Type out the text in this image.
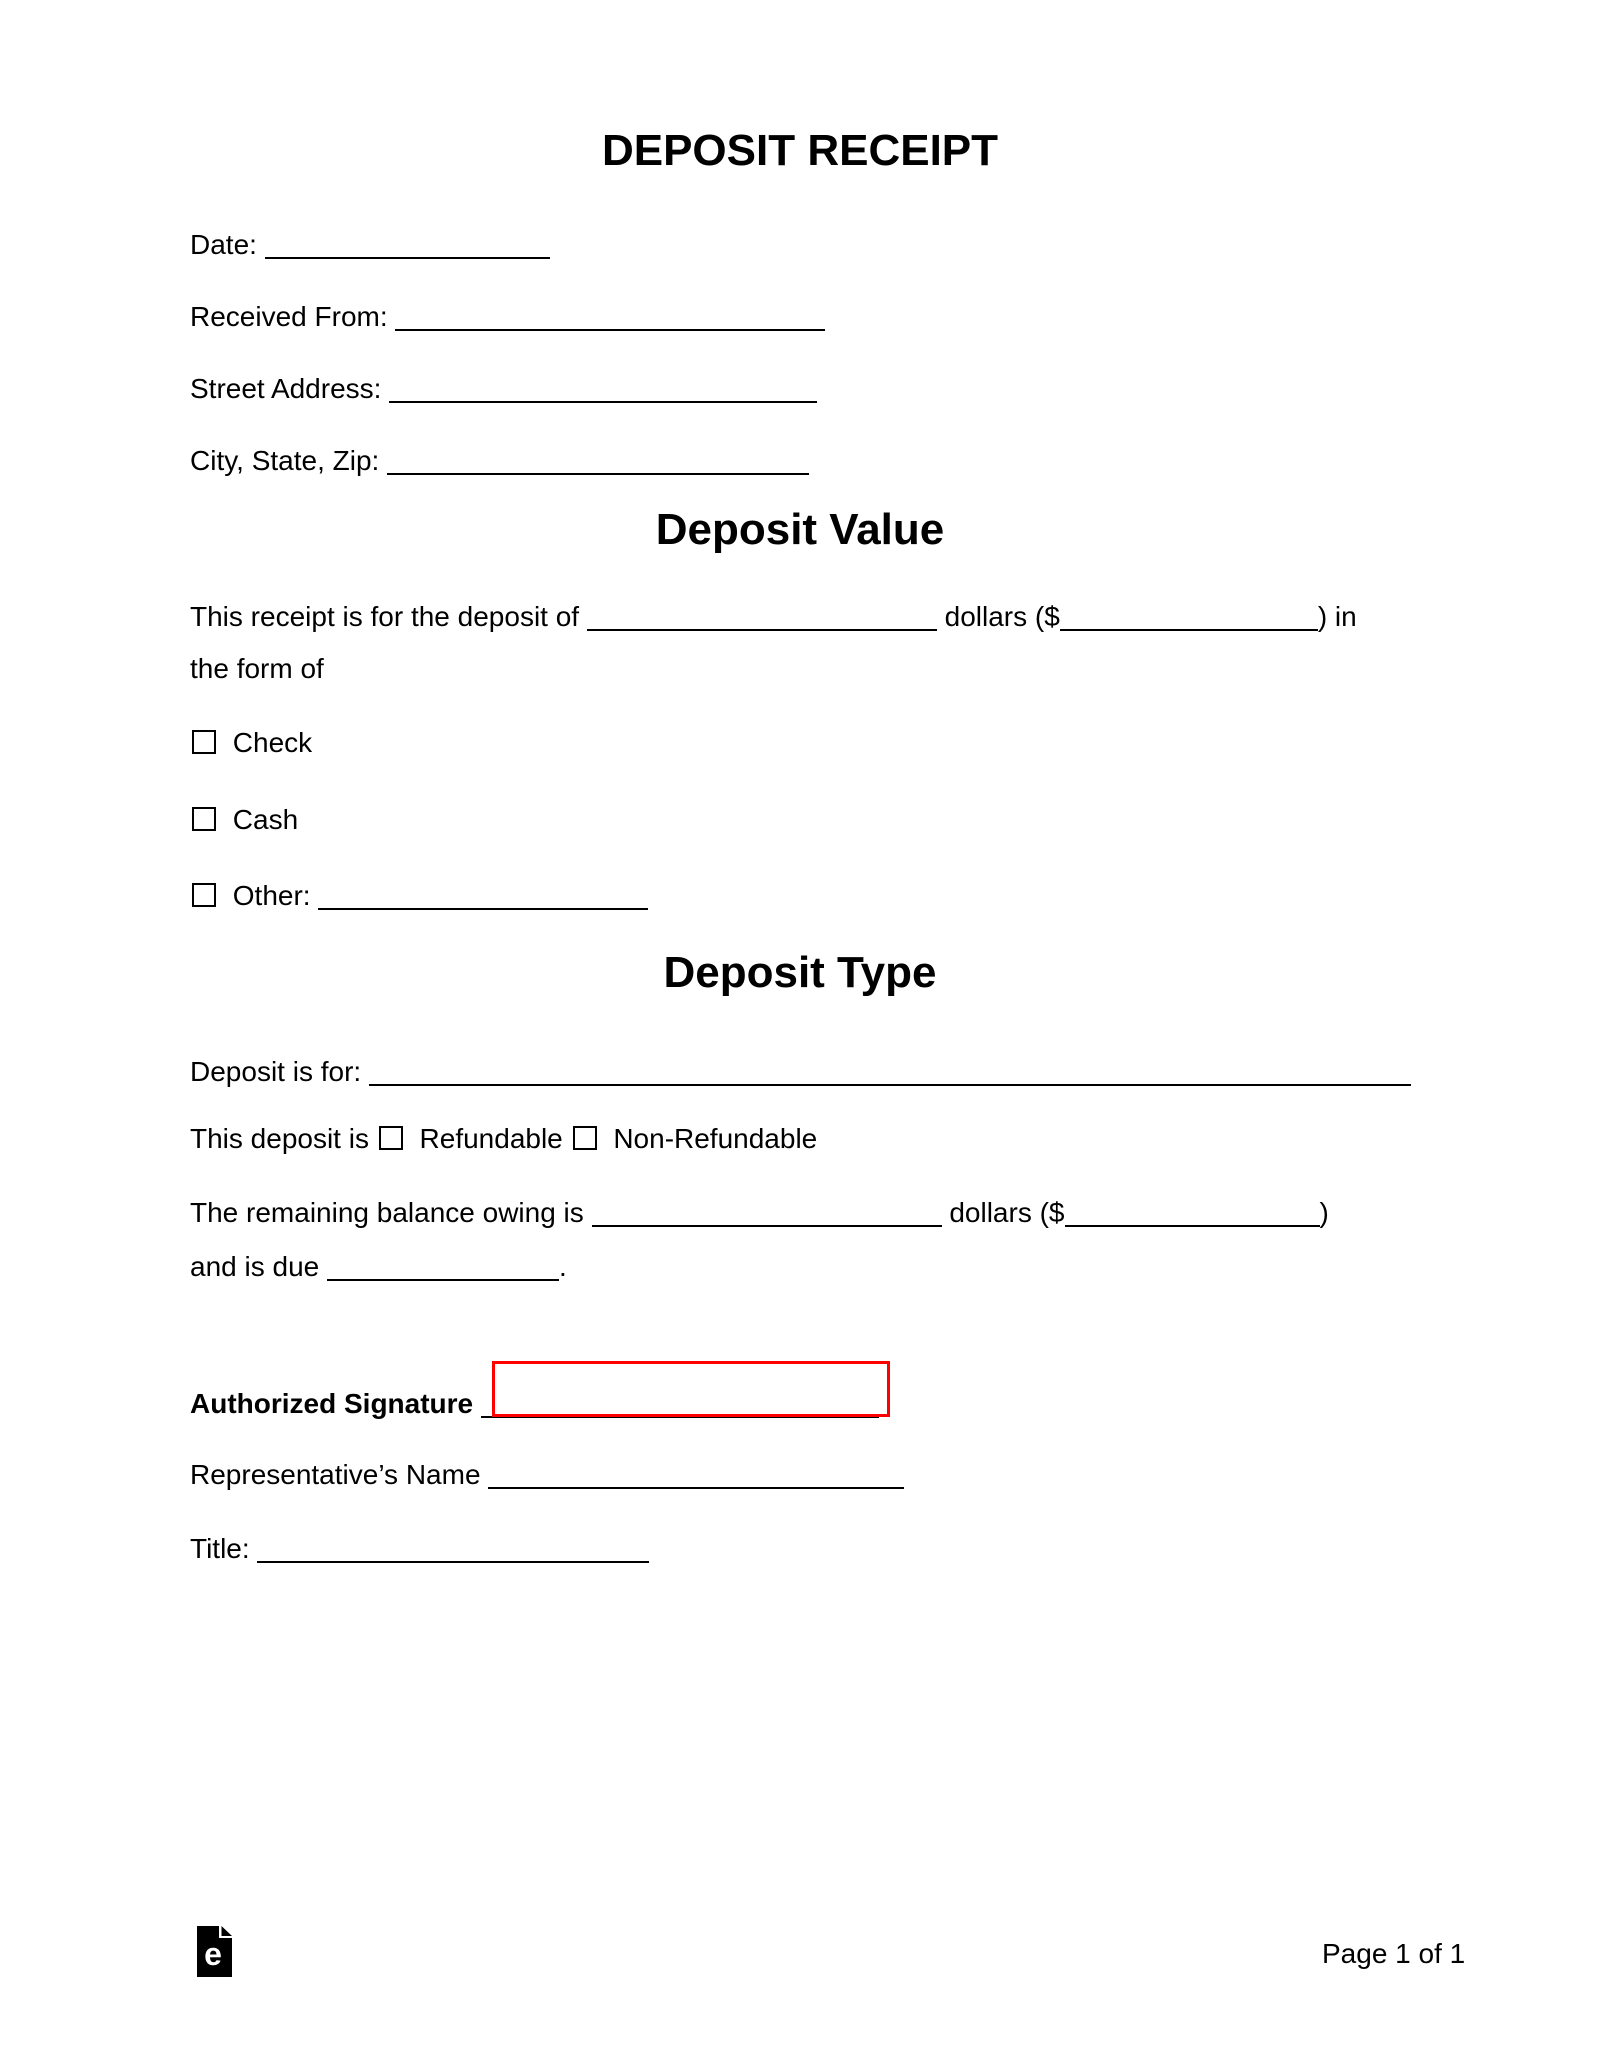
DEPOSIT RECEIPT
Date:
Received From:
Street Address:
City, State, Zip:
Deposit Value
This receipt is for the deposit of	dollars ($	) in
the form of
Check
Cash
Other:
Deposit Type
Deposit is for:
This deposit is Refundable Non-Refundable
The remaining balance owing is	dollars ($	)
and is due	.
Authorized Signature
Representative’s Name
Title:
e	Page 1 of 1
